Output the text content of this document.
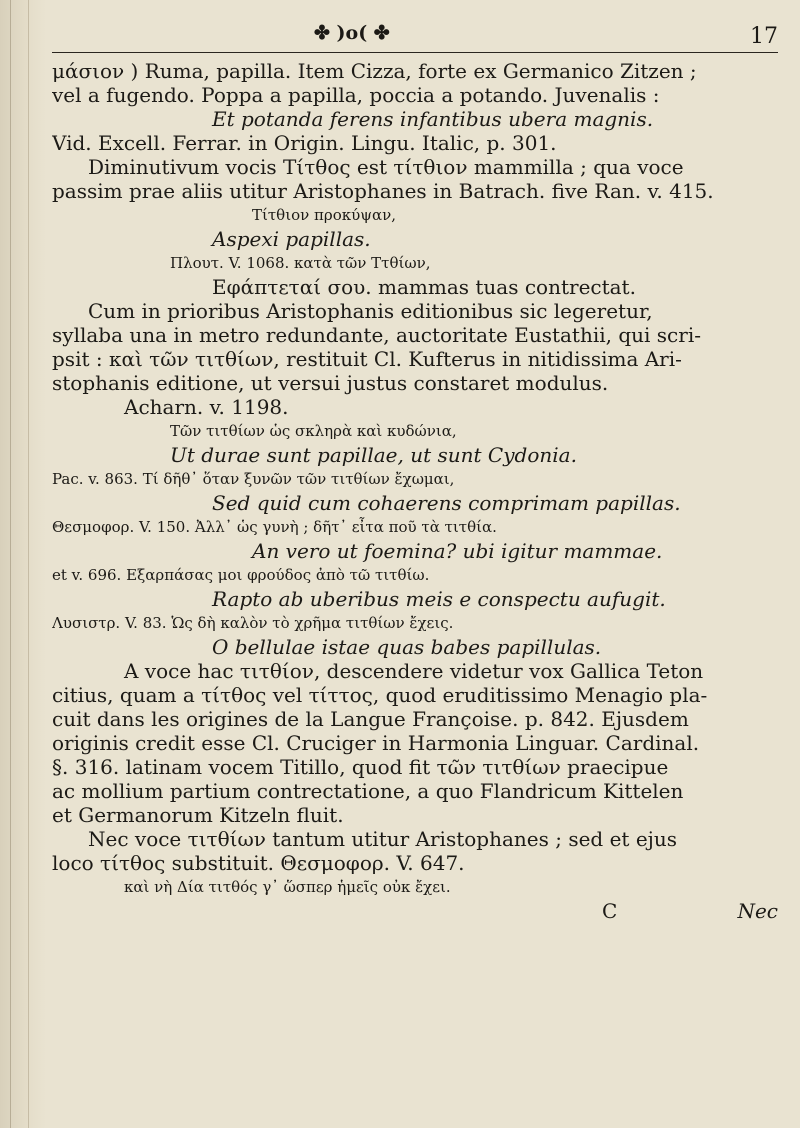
✤ )o( ✤	17
μάσιον ) Ruma, papilla. Item Cizza, forte ex Germanico Zitzen ;
vel a fugendo. Poppa a papilla, poccia a potando. Juvenalis :
Et potanda ferens infantibus ubera magnis.
Vid. Excell. Ferrar. in Origin. Lingu. Italic, p. 301.
Diminutivum vocis Τίτθος est τίτθιον mammilla ; qua voce
passim prae aliis utitur Aristophanes in Batrach. five Ran. v. 415.
Τίτθιον προκύψαν,
Aspexi papillas.
Πλουτ. V. 1068. κατὰ τῶν Ττθίων,
Εφάπτεταί σου. mammas tuas contrectat.
Cum in prioribus Aristophanis editionibus sic legeretur,
syllaba una in metro redundante, auctoritate Eustathii, qui scri-
psit : καὶ τῶν τιτθίων, restituit Cl. Kufterus in nitidissima Ari-
stophanis editione, ut versui justus constaret modulus.
Acharn. v. 1198.
Τῶν τιτθίων ὡς σκληρὰ καὶ κυδώνια,
Ut durae sunt papillae, ut sunt Cydonia.
Pac. v. 863. Τί δῆθ᾽ ὅταν ξυνῶν τῶν τιτθίων ἔχωμαι,
Sed quid cum cohaerens comprimam papillas.
Θεσμοφορ. V. 150. Ἀλλ᾽ ὡς γυνὴ ; δῆτ᾽ εἶτα ποῦ τὰ τιτθία.
An vero ut foemina? ubi igitur mammae.
et v. 696. Εξαρπάσας μοι φρούδος ἀπὸ τῶ τιτθίω.
Rapto ab uberibus meis e conspectu aufugit.
Λυσιστρ. V. 83. Ὡς δὴ καλὸν τὸ χρῆμα τιτθίων ἔχεις.
O bellulae istae quas babes papillulas.
A voce hac τιτθίον, descendere videtur vox Gallica Teton
citius, quam a τίτθος vel τίττος, quod eruditissimo Menagio pla-
cuit dans les origines de la Langue Françoise. p. 842. Ejusdem
originis credit esse Cl. Cruciger in Harmonia Linguar. Cardinal.
§. 316. latinam vocem Titillo, quod fit τῶν τιτθίων praecipue
ac mollium partium contrectatione, a quo Flandricum Kittelen
et Germanorum Kitzeln fluit.
Nec voce τιτθίων tantum utitur Aristophanes ; sed et ejus
loco τίτθος substituit. Θεσμοφορ. V. 647.
καὶ νὴ Δία τιτθός γ᾽ ὥσπερ ἡμεῖς οὐκ ἔχει.
C	Nec
